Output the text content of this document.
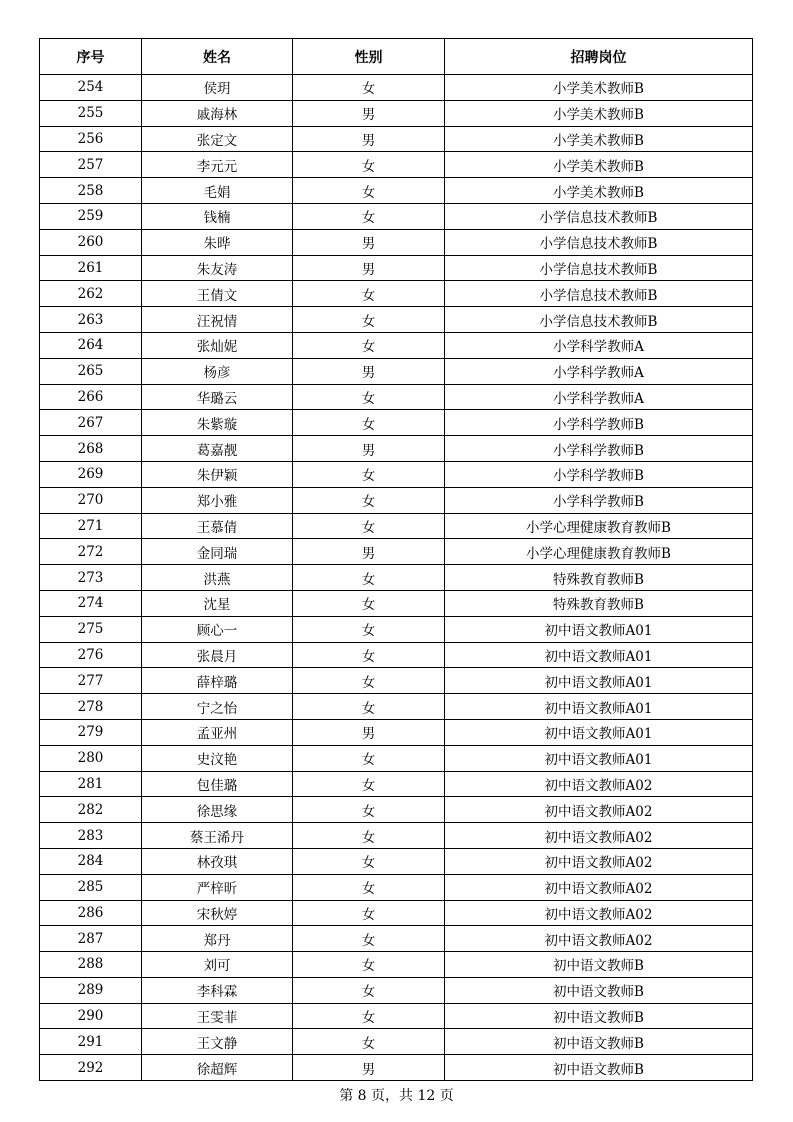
序号	姓名	性别	招聘岗位
254	侯玥	女	小学美术教师B
255	戚海林	男	小学美术教师B
256	张定文	男	小学美术教师B
257	李元元	女	小学美术教师B
258	毛娟	女	小学美术教师B
259	钱楠	女	小学信息技术教师B
260	朱晔	男	小学信息技术教师B
261	朱友涛	男	小学信息技术教师B
262	王倩文	女	小学信息技术教师B
263	汪祝情	女	小学信息技术教师B
264	张灿妮	女	小学科学教师A
265	杨彦	男	小学科学教师A
266	华璐云	女	小学科学教师A
267	朱紫璇	女	小学科学教师B
268	葛嘉靓	男	小学科学教师B
269	朱伊颖	女	小学科学教师B
270	郑小雅	女	小学科学教师B
271	王慕倩	女	小学心理健康教育教师B
272	金同瑞	男	小学心理健康教育教师B
273	洪燕	女	特殊教育教师B
274	沈星	女	特殊教育教师B
275	顾心一	女	初中语文教师A01
276	张晨月	女	初中语文教师A01
277	薛梓璐	女	初中语文教师A01
278	宁之怡	女	初中语文教师A01
279	孟亚州	男	初中语文教师A01
280	史汶艳	女	初中语文教师A01
281	包佳璐	女	初中语文教师A02
282	徐思缘	女	初中语文教师A02
283	蔡王浠丹	女	初中语文教师A02
284	林孜琪	女	初中语文教师A02
285	严梓昕	女	初中语文教师A02
286	宋秋婷	女	初中语文教师A02
287	郑丹	女	初中语文教师A02
288	刘可	女	初中语文教师B
289	李科霖	女	初中语文教师B
290	王雯菲	女	初中语文教师B
291	王文静	女	初中语文教师B
292	徐超辉	男	初中语文教师B
第 8 页，共 12 页
